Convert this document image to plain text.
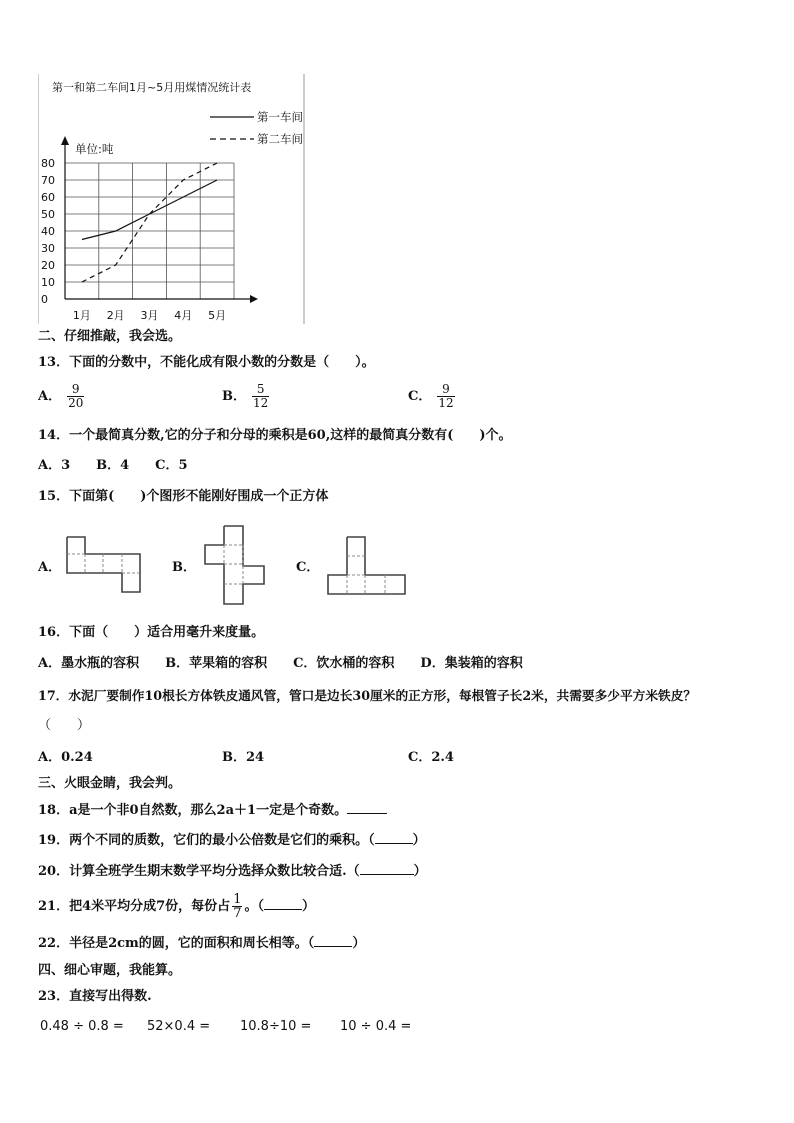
第一和第二车间1月~5月用煤情况统计表
单位:吨
0
10
20
30
40
50
60
70
80
1月 2月 3月 4月 5月
第一车间
第二车间
二、仔细推敲，我会选。
13．下面的分数中，不能化成有限小数的分数是（　　）。
A． $\frac{9}{20}$	B． $\frac{5}{12}$	C． $\frac{9}{12}$
14．一个最简真分数,它的分子和分母的乘积是60,这样的最简真分数有(　　)个。
A．3　　B．4　　C．5
15．下面第(　　)个图形不能刚好围成一个正方体
A．	B．	C．
16．下面（　　）适合用毫升来度量。
A．墨水瓶的容积　　B．苹果箱的容积　　C．饮水桶的容积　　D．集装箱的容积
17．水泥厂要制作10根长方体铁皮通风管，管口是边长30厘米的正方形，每根管子长2米，共需要多少平方米铁皮？
（　　）
A．0.24	B．24	C．2.4
三、火眼金睛，我会判。
18．a是一个非0自然数，那么2a＋1一定是个奇数。
19．两个不同的质数，它们的最小公倍数是它们的乘积。（	）
20．计算全班学生期末数学平均分选择众数比较合适.（	）
21．把4米平均分成7份，每份占 $\frac{1}{7}$ 。（	）
22．半径是2cm的圆，它的面积和周长相等。（	）
四、细心审题，我能算。
23．直接写出得数.
0.48 ÷ 0.8 = 52×0.4 = 10.8÷10 = 10 ÷ 0.4 =
